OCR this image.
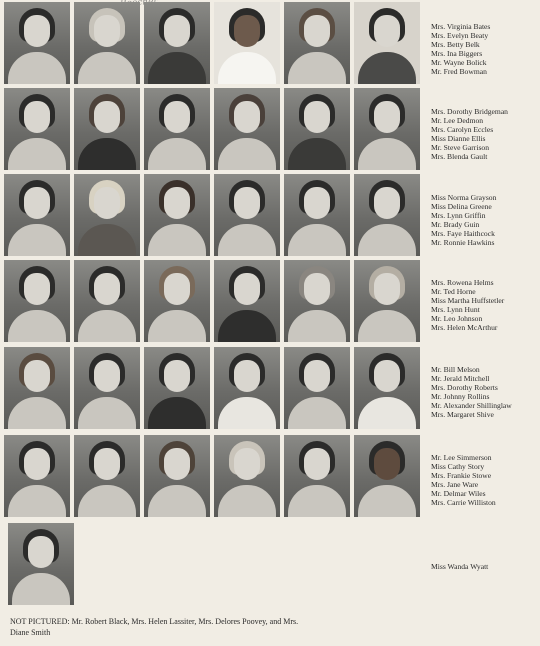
Mrs. Virginia Bates
Mrs. Evelyn Beaty
Mrs. Betty Belk
Mrs. Ina Biggers
Mr. Wayne Bolick
Mr. Fred Bowman
Mrs. Dorothy Bridgeman
Mr. Lee Dedmon
Mrs. Carolyn Eccles
Miss Dianne Ellis
Mr. Steve Garrison
Mrs. Blenda Gault
Miss Norma Grayson
Miss Delina Greene
Mrs. Lynn Griffin
Mr. Brady Guin
Mrs. Faye Haithcock
Mr. Ronnie Hawkins
Mrs. Rowena Helms
Mr. Ted Horne
Miss Martha Huffstetler
Mrs. Lynn Hunt
Mr. Leo Johnson
Mrs. Helen McArthur
Mr. Bill Melson
Mr. Jerald Mitchell
Mrs. Dorothy Roberts
Mr. Johnny Rollins
Mr. Alexander Shillinglaw
Mrs. Margaret Shive
Mr. Lee Simmerson
Miss Cathy Story
Mrs. Frankie Stowe
Mrs. Jane Ware
Mr. Delmar Wiles
Mrs. Carrie Williston
Miss Wanda Wyatt
NOT PICTURED: Mr. Robert Black, Mrs. Helen Lassiter, Mrs. Delores Poovey, and Mrs. Diane Smith
